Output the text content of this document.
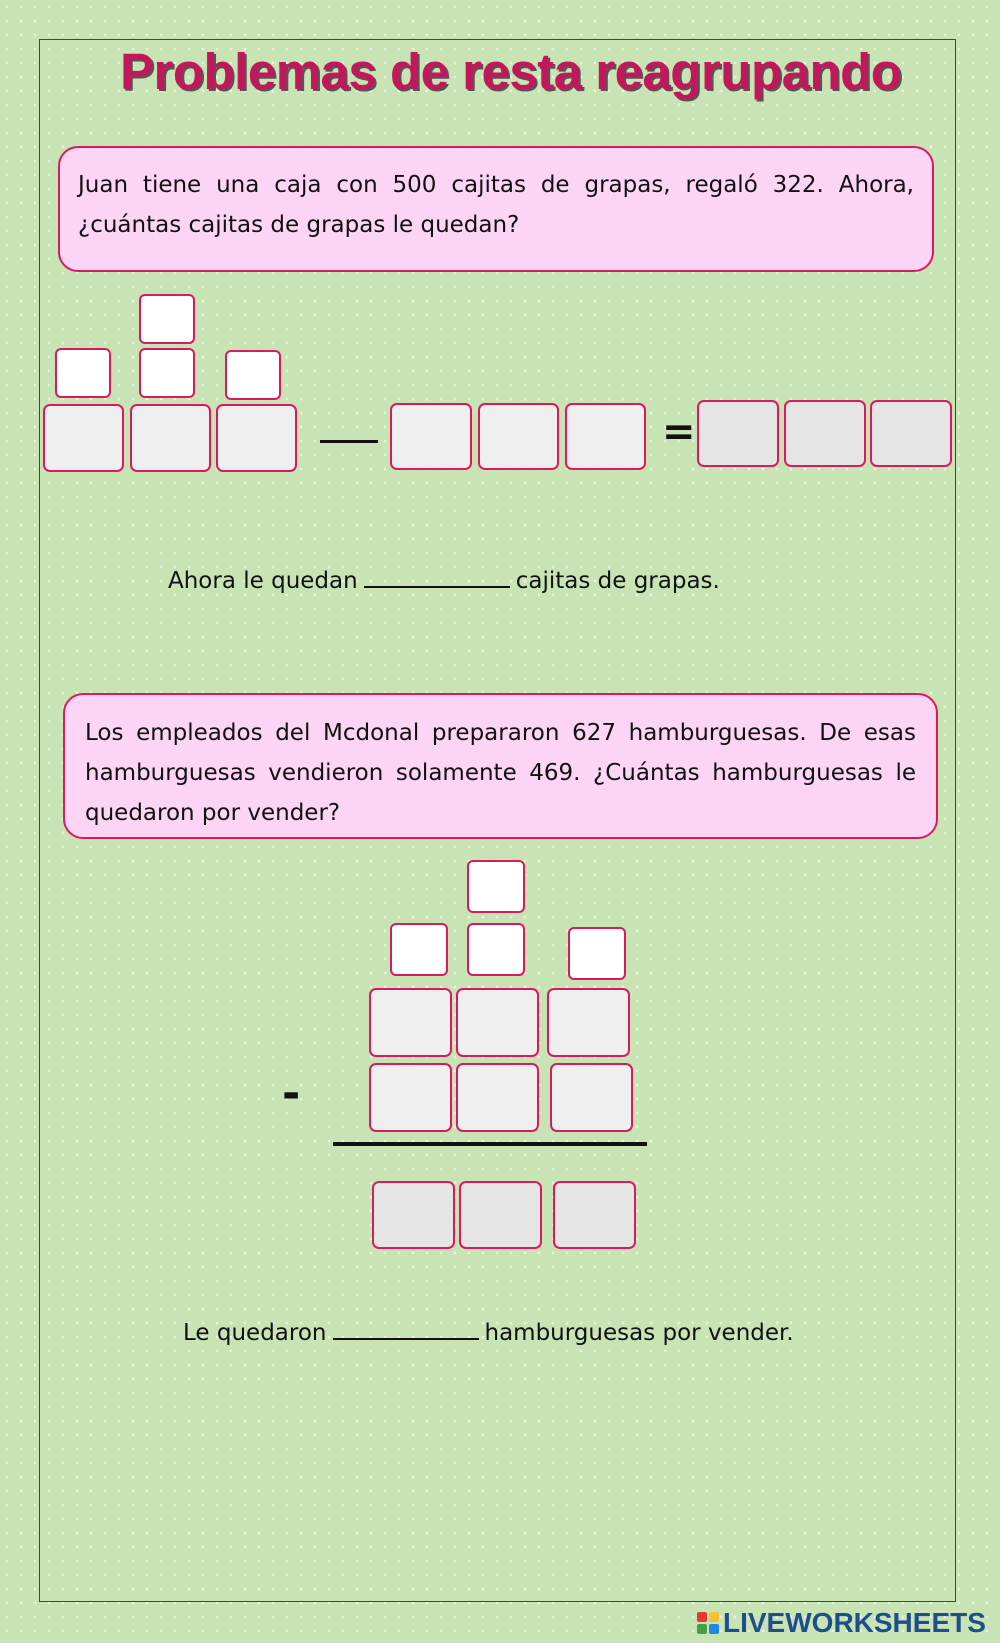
Problemas de resta reagrupando
Juan tiene una caja con 500 cajitas de grapas, regaló 322. Ahora, ¿cuántas cajitas de grapas le quedan?
=
Ahora le quedan	cajitas de grapas.
Los empleados del Mcdonal prepararon 627 hamburguesas. De esas hamburguesas vendieron solamente 469. ¿Cuántas hamburguesas le quedaron por vender?
-
Le quedaron	hamburguesas por vender.
LIVEWORKSHEETS
